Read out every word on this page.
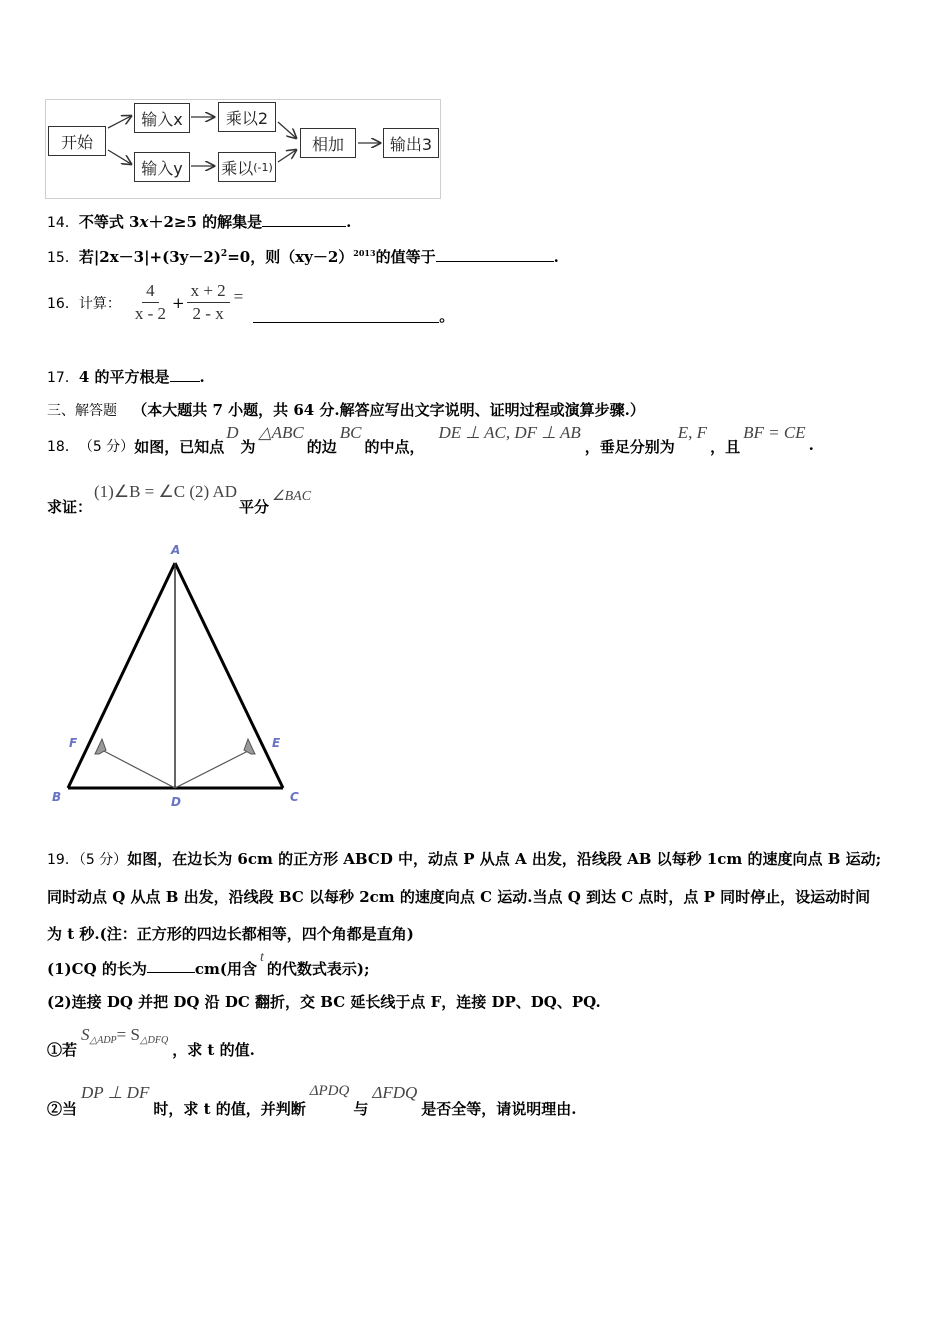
开始
输入x
输入y
乘以2
乘以 (-1)
相加	输出3
14．不等式 3x＋2≥5 的解集是	.
15．若$|2x-3|+(3y-2)^2=0$，则$(xy-2)^{2013}$的值等于	.
16． 计算： $\frac{4}{x - 2} + \frac{x + 2}{2 - x}$ =
。
17．4 的平方根是 .
三、解答题 （本大题共 7 小题，共 64 分.解答应写出文字说明、证明过程或演算步骤.）
18． （5 分） 如图，已知点
D
为
△ABC
的边
BC
的中点，
DE ⊥ AC, DF ⊥ AB
，垂足分别为
E, F
，且
BF = CE
.
求证：
(1)∠B = ∠C (2) AD
平分
∠BAC
A
B	C
D
E
F
19．（5 分）如图，在边长为 6cm 的正方形 ABCD 中，动点 P 从点 A 出发，沿线段 AB 以每秒 1cm 的速度向点 B 运动;
同时动点 Q 从点 B 出发，沿线段 BC 以每秒 2cm 的速度向点 C 运动.当点 Q 到达 C 点时，点 P 同时停止，设运动时间
为 t 秒.(注：正方形的四边长都相等，四个角都是直角)
(1)CQ 的长为	cm(用含
t
的代数式表示);
(2)连接 DQ 并把 DQ 沿 DC 翻折，交 BC 延长线于点 F，连接 DP、DQ、PQ.
①若
S △ADP = S △DFQ
，求 t 的值.
②当
DP ⊥ DF
时，求 t 的值，并判断
ΔPDQ
与
ΔFDQ
是否全等，请说明理由.
